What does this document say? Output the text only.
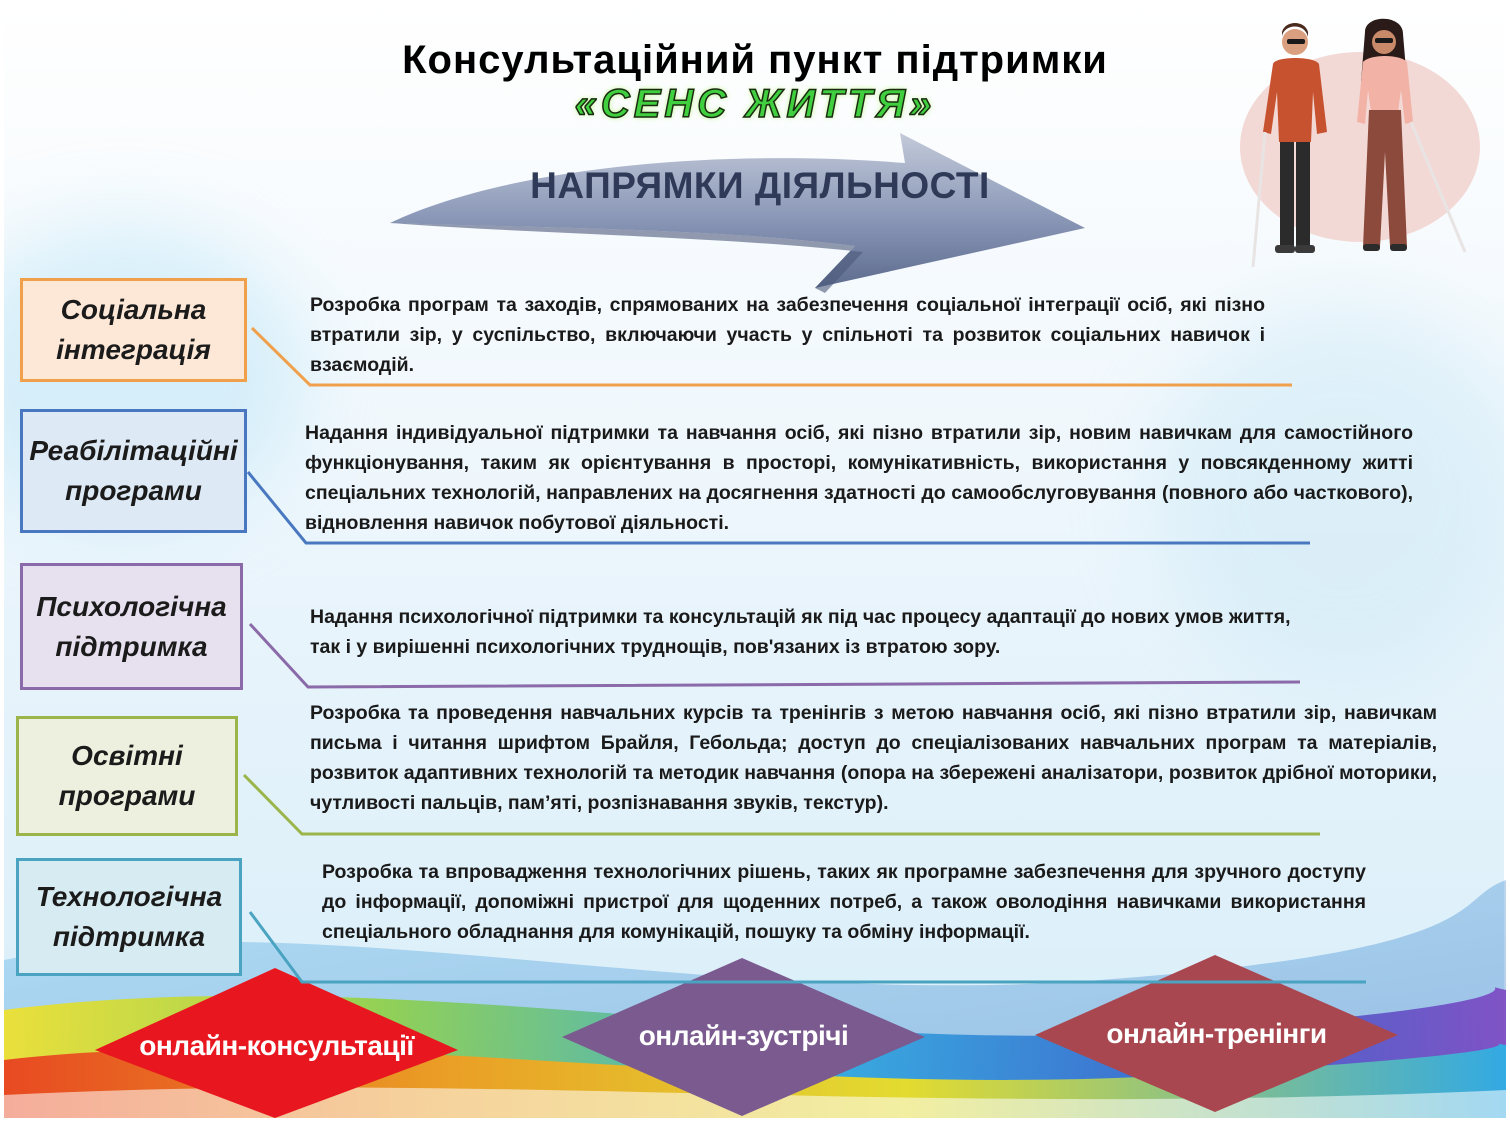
Консультаційний пункт підтримки
«СЕНС ЖИТТЯ»
НАПРЯМКИ ДІЯЛЬНОСТІ
Соціальна
інтеграція
Реабілітаційні
програми
Психологічна
підтримка
Освітні
програми
Технологічна
підтримка
Розробка програм та заходів, спрямованих на забезпечення соціальної інтеграції осіб, які пізно втратили зір, у суспільство, включаючи участь у спільноті та розвиток соціальних навичок і взаємодій.
Надання індивідуальної підтримки та навчання осіб, які пізно втратили зір, новим навичкам для самостійного функціонування, таким як орієнтування в просторі, комунікативність, використання у повсякденному житті спеціальних технологій, направлених на досягнення здатності до самообслуговування (повного або часткового), відновлення навичок побутової діяльності.
Надання психологічної підтримки та консультацій як під час процесу адаптації до нових умов життя, так і у вирішенні психологічних труднощів, пов'язаних із втратою зору.
Розробка та проведення навчальних курсів та тренінгів з метою навчання осіб, які пізно втратили зір, навичкам письма і читання шрифтом Брайля, Гебольда; доступ до спеціалізованих навчальних програм та матеріалів, розвиток адаптивних технологій та методик навчання (опора на збережені аналізатори, розвиток дрібної моторики, чутливості пальців, пам’яті, розпізнавання звуків, текстур).
Розробка та впровадження технологічних рішень, таких як програмне забезпечення для зручного доступу до інформації, допоміжні пристрої для щоденних потреб, а також оволодіння навичками використання спеціального обладнання для комунікацій, пошуку та обміну інформації.
онлайн-консультації	онлайн-зустрічі	онлайн-тренінги
